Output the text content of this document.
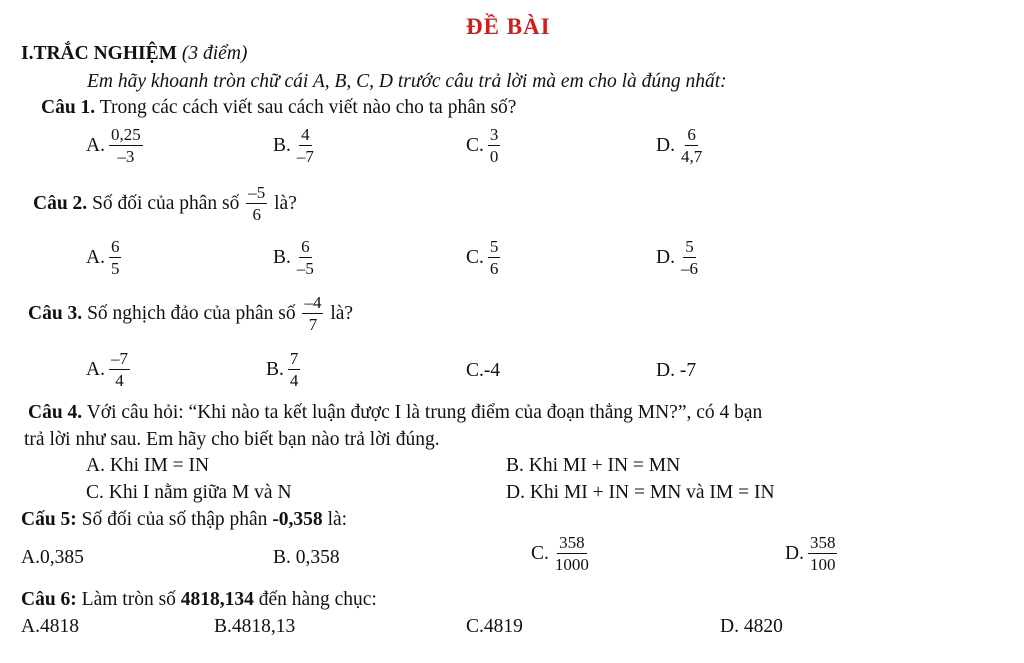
ĐỀ BÀI
I.TRẮC NGHIỆM (3 điểm)
Em hãy khoanh tròn chữ cái A, B, C, D trước câu trả lời mà em cho là đúng nhất:
Câu 1. Trong các cách viết sau cách viết nào cho ta phân số?
A. $\frac{0,25}{-3}$	B. $\frac{4}{-7}$	C. $\frac{3}{0}$	D. $\frac{6}{4,7}$
Câu 2.
Số đối của phân số
$\frac{-5}{6}$
là?
A. $\frac{6}{5}$	B. $\frac{6}{-5}$	C. $\frac{5}{6}$	D. $\frac{5}{-6}$
Câu 3.
Số nghịch đảo của phân số
$\frac{-4}{7}$
là?
A. $\frac{-7}{4}$	B. $\frac{7}{4}$	C.-4	D. -7
Câu 4. Với câu hỏi: “Khi nào ta kết luận được I là trung điểm của đoạn thẳng MN?”, có 4 bạn
trả lời như sau. Em hãy cho biết bạn nào trả lời đúng.
A. Khi IM = IN	B. Khi MI + IN = MN
C. Khi I nằm giữa M và N	D. Khi MI + IN = MN và IM = IN
Cấu 5: Số đối của số thập phân -0,358 là:
A.0,385	B. 0,358	C. $\frac{358}{1000}$	D. $\frac{358}{100}$
Câu 6: Làm tròn số 4818,134 đến hàng chục:
A.4818	B.4818,13	C.4819	D. 4820
